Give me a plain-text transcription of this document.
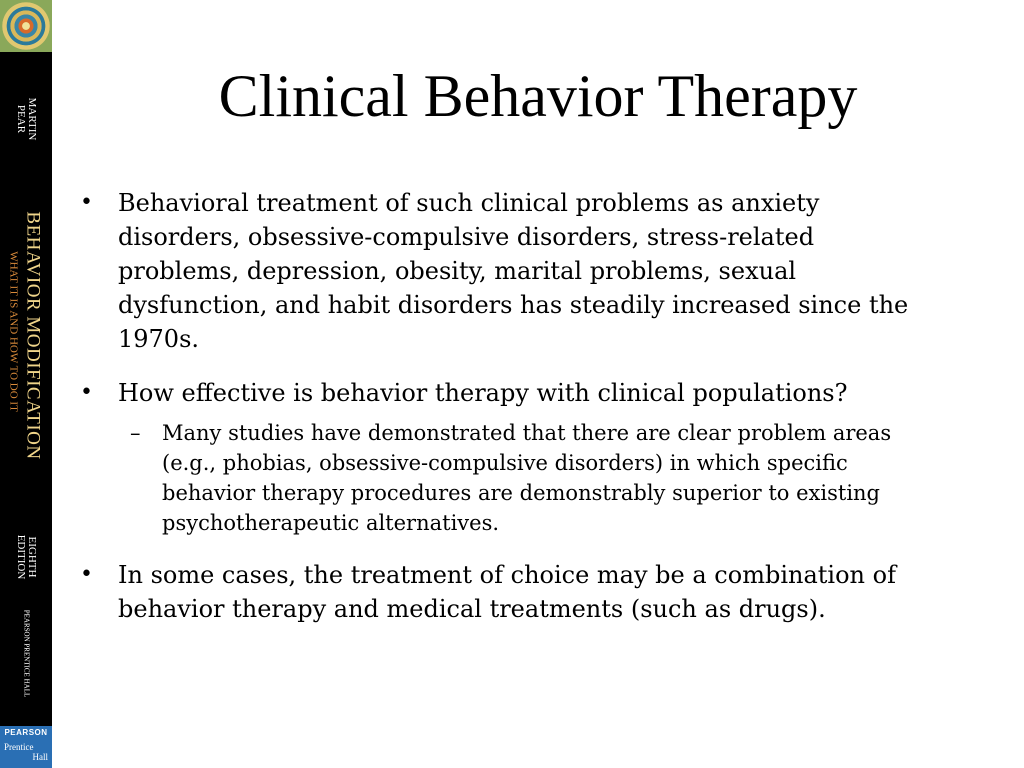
MARTIN
PEAR
BEHAVIOR MODIFICATION
WHAT IT IS AND HOW TO DO IT
EIGHTH
EDITION
PEARSON PRENTICE HALL
PEARSON
Prentice
Hall
Clinical Behavior Therapy
• Behavioral treatment of such clinical problems as anxiety disorders, obsessive-compulsive disorders, stress-related problems, depression, obesity, marital problems, sexual dysfunction, and habit disorders has steadily increased since the 1970s.
• How effective is behavior therapy with clinical populations?
– Many studies have demonstrated that there are clear problem areas (e.g., phobias, obsessive-compulsive disorders) in which specific behavior therapy procedures are demonstrably superior to existing psychotherapeutic alternatives.
• In some cases, the treatment of choice may be a combination of behavior therapy and medical treatments (such as drugs).
